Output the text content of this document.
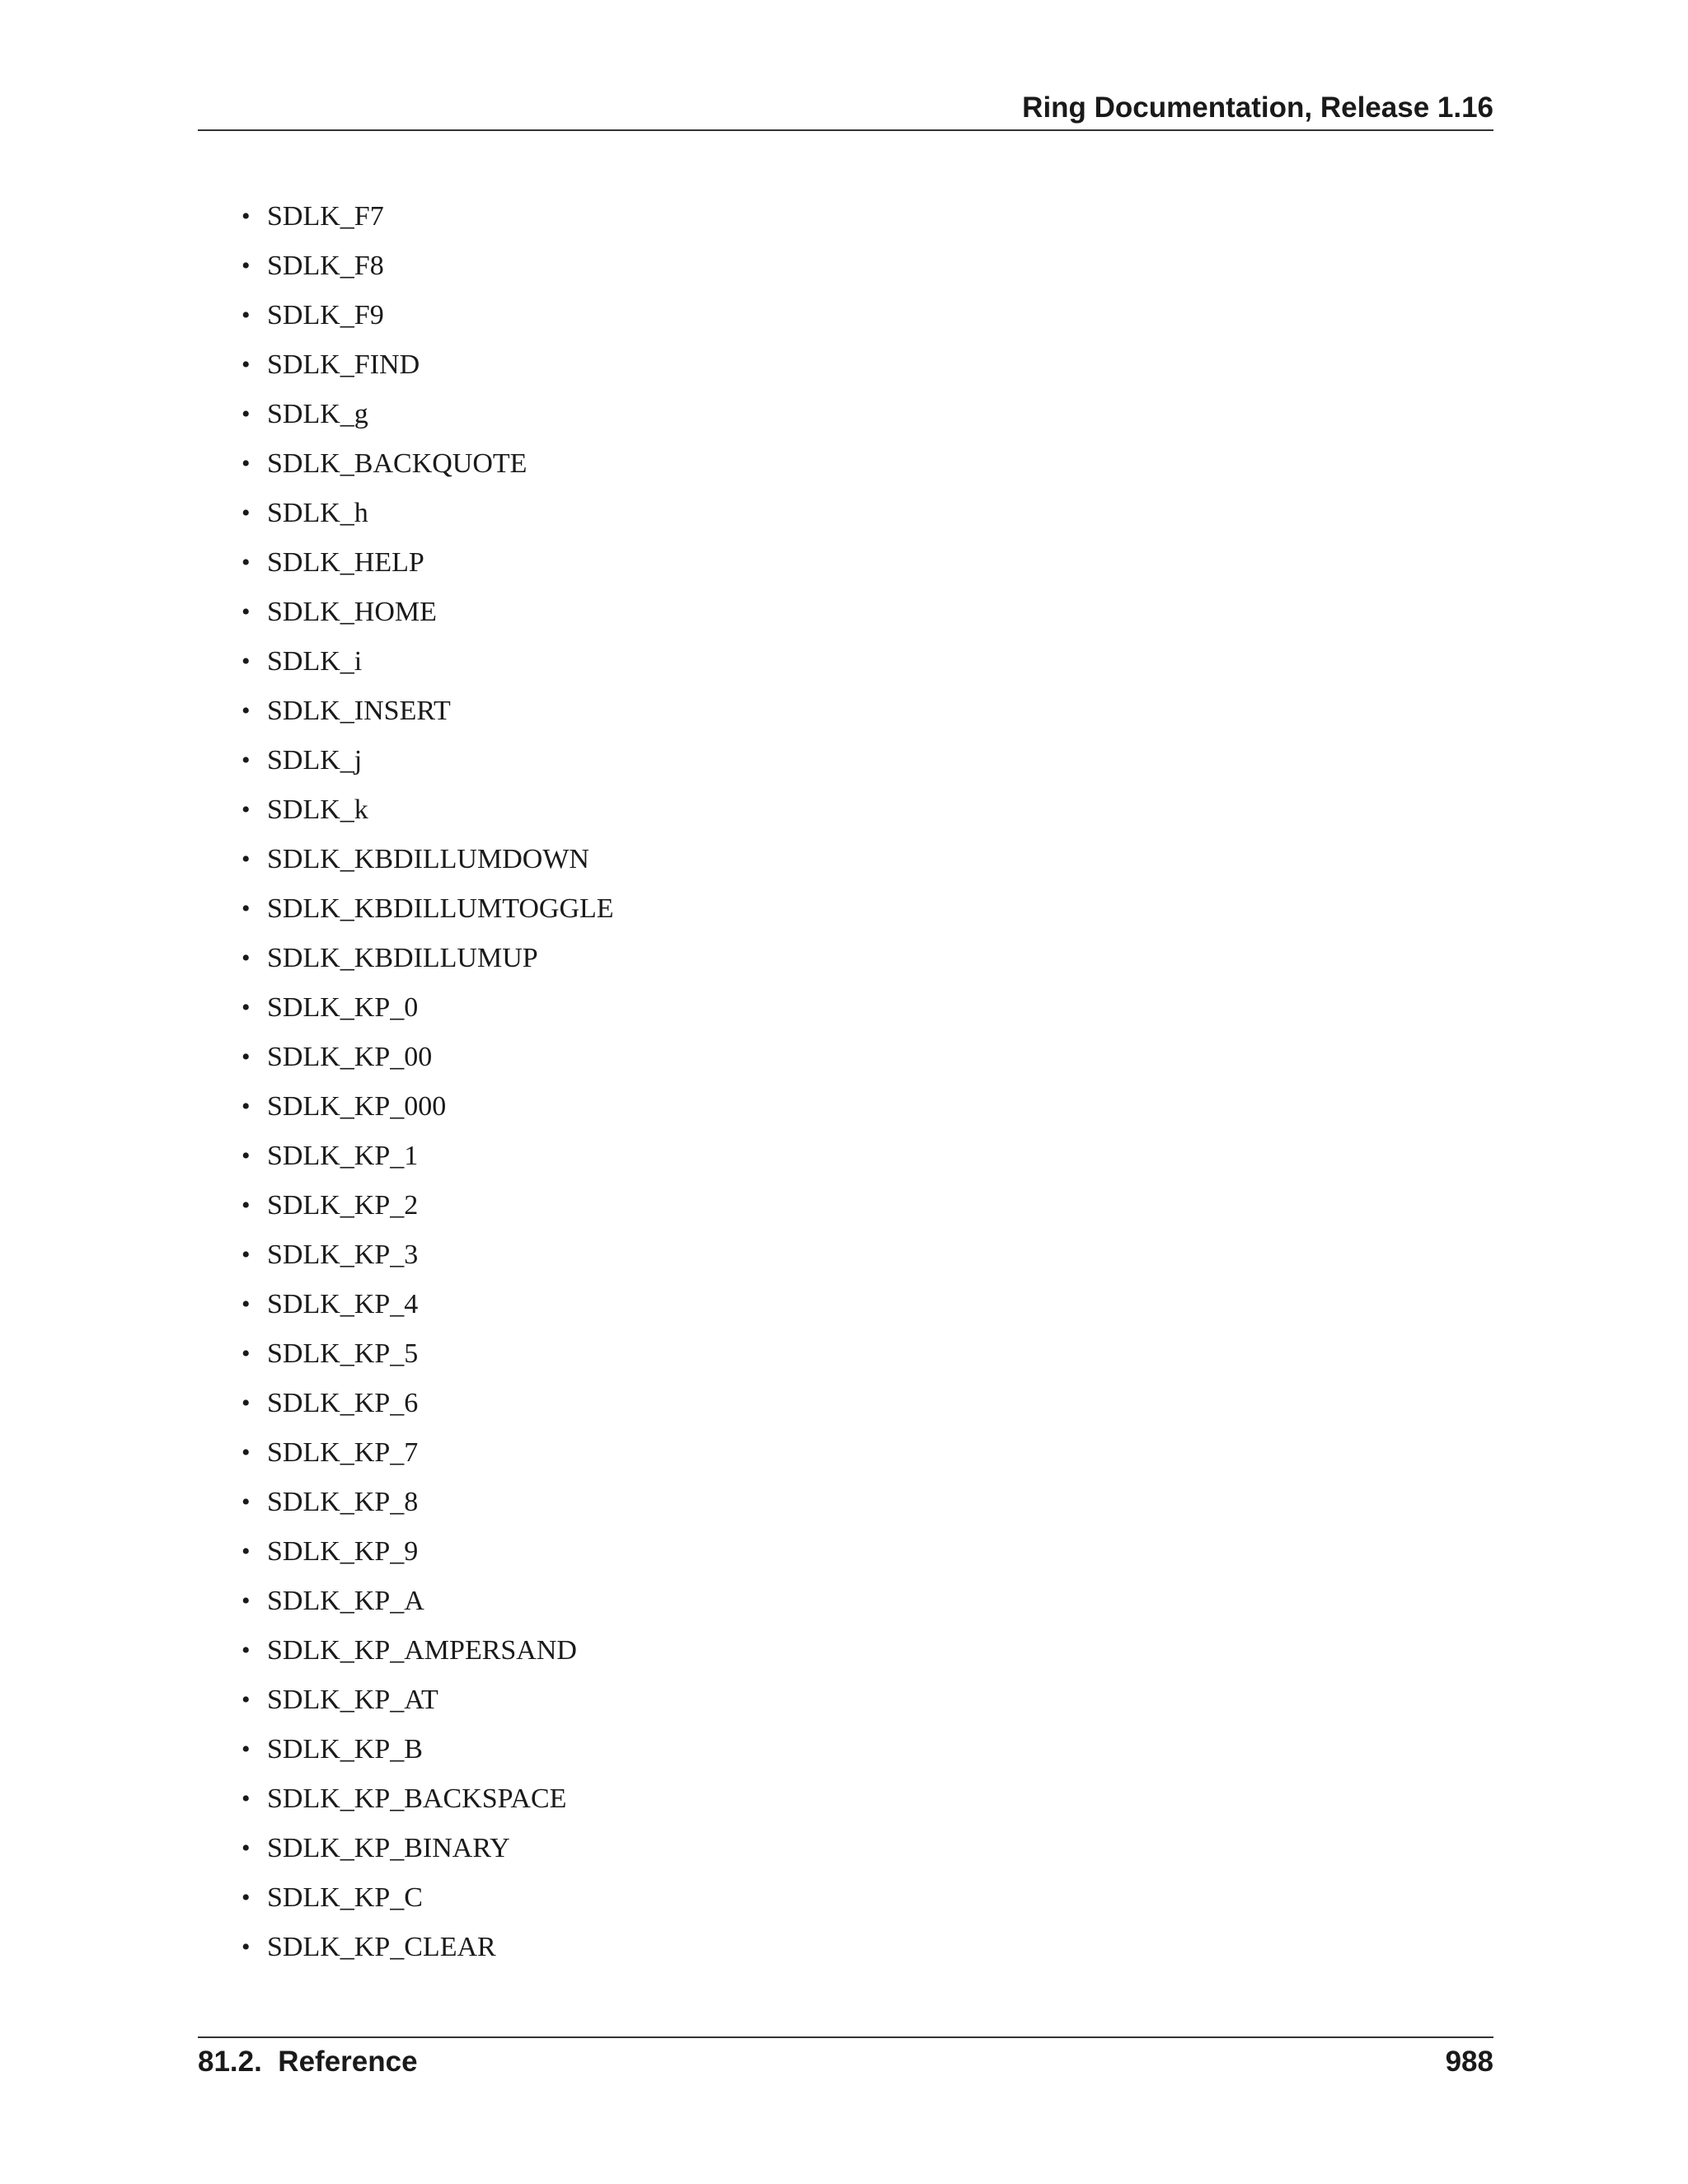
Ring Documentation, Release 1.16
• SDLK_F7
• SDLK_F8
• SDLK_F9
• SDLK_FIND
• SDLK_g
• SDLK_BACKQUOTE
• SDLK_h
• SDLK_HELP
• SDLK_HOME
• SDLK_i
• SDLK_INSERT
• SDLK_j
• SDLK_k
• SDLK_KBDILLUMDOWN
• SDLK_KBDILLUMTOGGLE
• SDLK_KBDILLUMUP
• SDLK_KP_0
• SDLK_KP_00
• SDLK_KP_000
• SDLK_KP_1
• SDLK_KP_2
• SDLK_KP_3
• SDLK_KP_4
• SDLK_KP_5
• SDLK_KP_6
• SDLK_KP_7
• SDLK_KP_8
• SDLK_KP_9
• SDLK_KP_A
• SDLK_KP_AMPERSAND
• SDLK_KP_AT
• SDLK_KP_B
• SDLK_KP_BACKSPACE
• SDLK_KP_BINARY
• SDLK_KP_C
• SDLK_KP_CLEAR
81.2.  Reference	988
